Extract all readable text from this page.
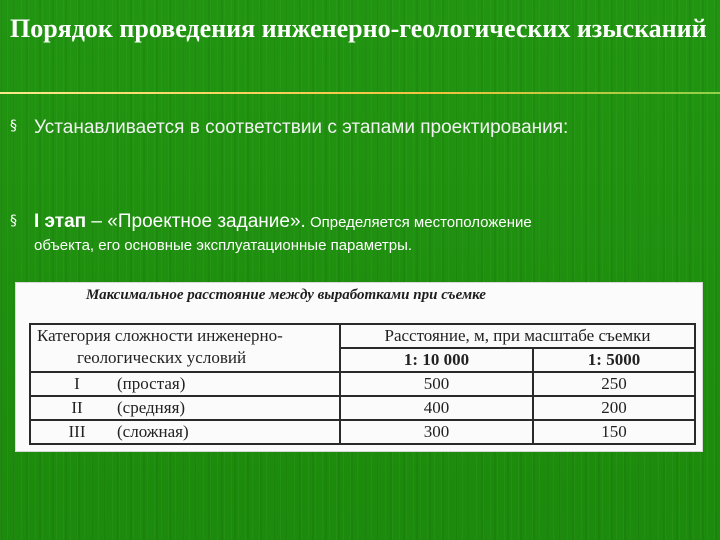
Порядок проведения инженерно-геологических изысканий
§ Устанавливается в соответствии с этапами проектирования:
§ I этап – «Проектное задание». Определяется местоположение
объекта, его основные эксплуатационные параметры.
Максимальное расстояние между выработками при съемке
Категория сложности инженерно-
геологических условий	Расстояние, м, при масштабе съемки	
	1: 10 000	1: 5000
I (простая)	500	250
II (средняя)	400	200
III (сложная)	300	150
